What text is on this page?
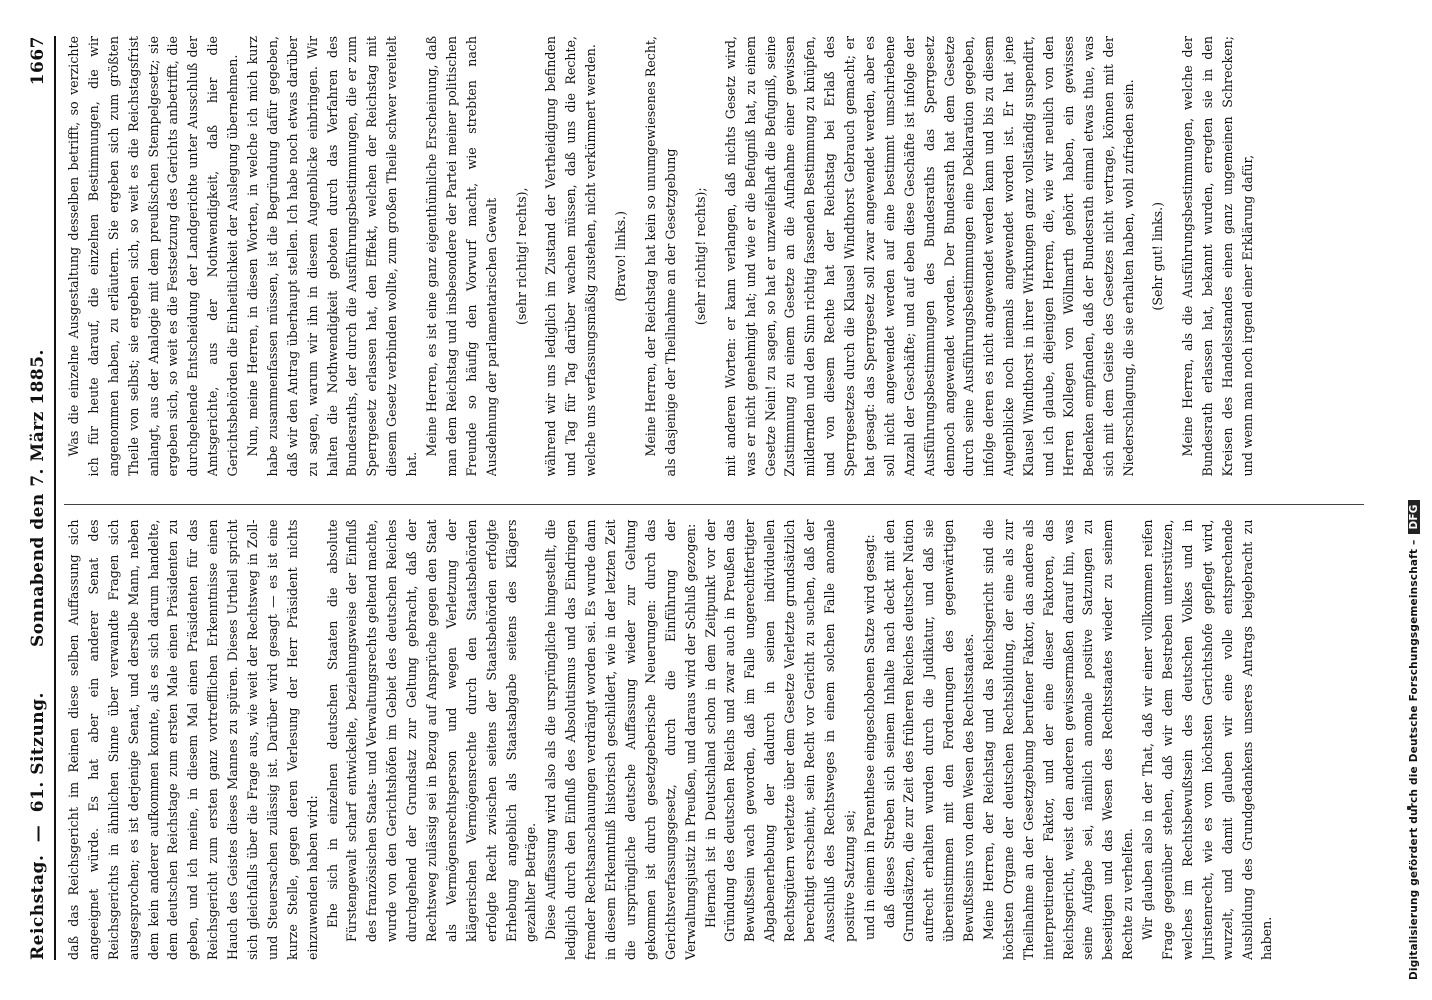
Reichstag. — 61. Sitzung.
Sonnabend den 7. März 1885.
1667

daß das Reichsgericht im Reinen diese selben Auffassung sich angeeignet würde. Es hat aber ein anderer Senat des Reichsgerichts in ähnlichen Sinne über verwandte Fragen sich ausgesprochen; es ist derjenige Senat, und derselbe Mann, neben dem kein anderer aufkommen konnte, als es sich darum handelte, dem deutschen Reichstage zum ersten Male einen Präsidenten zu geben, und ich meine, in diesem Mal einen Präsidenten für das Reichsgericht zum ersten ganz vortrefflichen Erkenntnisse einen Hauch des Geistes dieses Mannes zu spüren. Dieses Urtheil spricht sich gleichfalls über die Frage aus, wie weit der Rechtsweg in Zoll- und Steuersachen zulässig ist. Darüber wird gesagt — es ist eine kurze Stelle, gegen deren Verlesung der Herr Präsident nichts einzuwenden haben wird: Ehe sich in einzelnen deutschen Staaten die absolute Fürstengewalt scharf entwickelte, beziehungsweise der Einfluß des französischen Staats- und Verwaltungsrechts geltend machte, wurde von den Gerichtshöfen im Gebiet des deutschen Reiches durchgehend der Grundsatz zur Geltung gebracht, daß der Rechtsweg zulässig sei in Bezug auf Ansprüche gegen den Staat als Vermögensrechtsperson und wegen Verletzung der klägerischen Vermögensrechte durch den Staatsbehörden erfolgte Recht zwischen seitens der Staatsbehörden erfolgte Erhebung angeblich als Staatsabgabe seitens des Klägers gezahlter Beträge. Diese Auffassung wird also als die ursprüngliche hingestellt, die lediglich durch den Einfluß des Absolutismus und das Eindringen fremder Rechtsanschauungen verdrängt worden sei. Es wurde dann in diesem Erkenntniß historisch geschildert, wie in der letzten Zeit die ursprüngliche deutsche Auffassung wieder zur Geltung gekommen ist durch gesetzgeberische Neuerungen: durch das Gerichtsverfassungsgesetz, durch die Einführung der Verwaltungsjustiz in Preußen, und daraus wird der Schluß gezogen: Hiernach ist in Deutschland schon in dem Zeitpunkt vor der Gründung des deutschen Reichs und zwar auch in Preußen das Bewußtsein wach geworden, daß im Falle ungerechtfertigter Abgabenerhebung der dadurch in seinen individuellen Rechtsgütern verletzte über dem Gesetze Verletzte grundsätzlich berechtigt erscheint, sein Recht vor Gericht zu suchen, daß der Ausschluß des Rechtsweges in einem solchen Falle anomale positive Satzung sei; und in einem in Parenthese eingeschobenen Satze wird gesagt: daß dieses Streben sich seinem Inhalte nach deckt mit den Grundsätzen, die zur Zeit des früheren Reiches deutscher Nation aufrecht erhalten wurden durch die Judikatur, und daß sie übereinstimmen mit den Forderungen des gegenwärtigen Bewußtseins von dem Wesen des Rechtsstaates. Meine Herren, der Reichstag und das Reichsgericht sind die höchsten Organe der deutschen Rechtsbildung, der eine als zur Theilnahme an der Gesetzgebung berufener Faktor, das andere als interpretirender Faktor, und der eine dieser Faktoren, das Reichsgericht, weist den anderen gewissermaßen darauf hin, was seine Aufgabe sei, nämlich anomale positive Satzungen zu beseitigen und das Wesen des Rechtsstaates wieder zu seinem Rechte zu verhelfen. Wir glauben also in der That, daß wir einer vollkommen reifen Frage gegenüber stehen, daß wir dem Bestreben unterstützen, welches im Rechtsbewußtsein des deutschen Volkes und in Juristenrecht, wie es vom höchsten Gerichtshofe gepflegt wird, wurzelt, und damit glauben wir eine volle entsprechende Ausbildung des Grundgedankens unseres Antrags beigebracht zu haben.

Was die einzelne Ausgestaltung desselben betrifft, so verzichte ich für heute darauf, die einzelnen Bestimmungen, die wir angenommen haben, zu erläutern. Sie ergeben sich zum größten Theile von selbst; sie ergeben sich, so weit es die Reichstagsfrist anlangt, aus der Analogie mit dem preußischen Stempelgesetz; sie ergeben sich, so weit es die Festsetzung des Gerichts anbetrifft, die durchgehende Entscheidung der Landgerichte unter Ausschluß der Amtsgerichte, aus der Nothwendigkeit, daß hier die Gerichtsbehörden die Einheitlichkeit der Auslegung übernehmen. Nun, meine Herren, in diesen Worten, in welche ich mich kurz habe zusammenfassen müssen, ist die Begründung dafür gegeben, daß wir den Antrag überhaupt stellen. Ich habe noch etwas darüber zu sagen, warum wir ihn in diesem Augenblicke einbringen. Wir halten die Nothwendigkeit geboten durch das Verfahren des Bundesraths, der durch die Ausführungsbestimmungen, die er zum Sperrgesetz erlassen hat, den Effekt, welchen der Reichstag mit diesem Gesetz verbinden wollte, zum großen Theile schwer vereitelt hat.

Meine Herren, es ist eine ganz eigenthümliche Erscheinung, daß man dem Reichstag und insbesondere der Partei meiner politischen Freunde so häufig den Vorwurf macht, wie strebten nach Ausdehnung der parlamentarischen Gewalt (sehr richtig! rechts), während wir uns lediglich im Zustand der Vertheidigung befinden und Tag für Tag darüber wachen müssen, daß uns die Rechte, welche uns verfassungsmäßig zustehen, nicht verkümmert werden. (Bravo! links.) Meine Herren, der Reichstag hat kein so unumgewiesenes Recht, als dasjenige der Theilnahme an der Gesetzgebung (sehr richtig! rechts); mit anderen Worten: er kann verlangen, daß nichts Gesetz wird, was er nicht genehmigt hat; und wie er die Befugniß hat, zu einem Gesetze Nein! zu sagen, so hat er unzweifelhaft die Befugniß, seine Zustimmung zu einem Gesetze an die Aufnahme einer gewissen mildernden und den Sinn richtig fassenden Bestimmung zu knüpfen, und von diesem Rechte hat der Reichstag bei Erlaß des Sperrgesetzes durch die Klausel Windthorst Gebrauch gemacht; er hat gesagt: das Sperrgesetz soll zwar angewendet werden, aber es soll nicht angewendet werden auf eine bestimmt umschriebene Anzahl der Geschäfte; und auf eben diese Geschäfte ist infolge der Ausführungsbestimmungen des Bundesraths das Sperrgesetz dennoch angewendet worden. Der Bundesrath hat dem Gesetze durch seine Ausführungsbestimmungen eine Deklaration gegeben, infolge deren es nicht angewendet werden kann und bis zu diesem Augenblicke noch niemals angewendet worden ist. Er hat jene Klausel Windthorst in ihrer Wirkungen ganz vollständig suspendirt, und ich glaube, diejenigen Herren, die, wie wir neulich von den Herren Kollegen von Wöllmarth gehört haben, ein gewisses Bedenken empfanden, daß der Bundesrath einmal etwas thue, was sich mit dem Geiste des Gesetzes nicht vertrage, können mit der Niederschlagung, die sie erhalten haben, wohl zufrieden sein. (Sehr gut! links.) Meine Herren, als die Ausführungsbestimmungen, welche der Bundesrath erlassen hat, bekannt wurden, erregten sie in den Kreisen des Handelsstandes einen ganz ungemeinen Schrecken; und wenn man noch irgend einer Erklärung dafür,

Digitalisierung gefördert durch die Deutsche Forschungsgemeinschaft –
DFG
